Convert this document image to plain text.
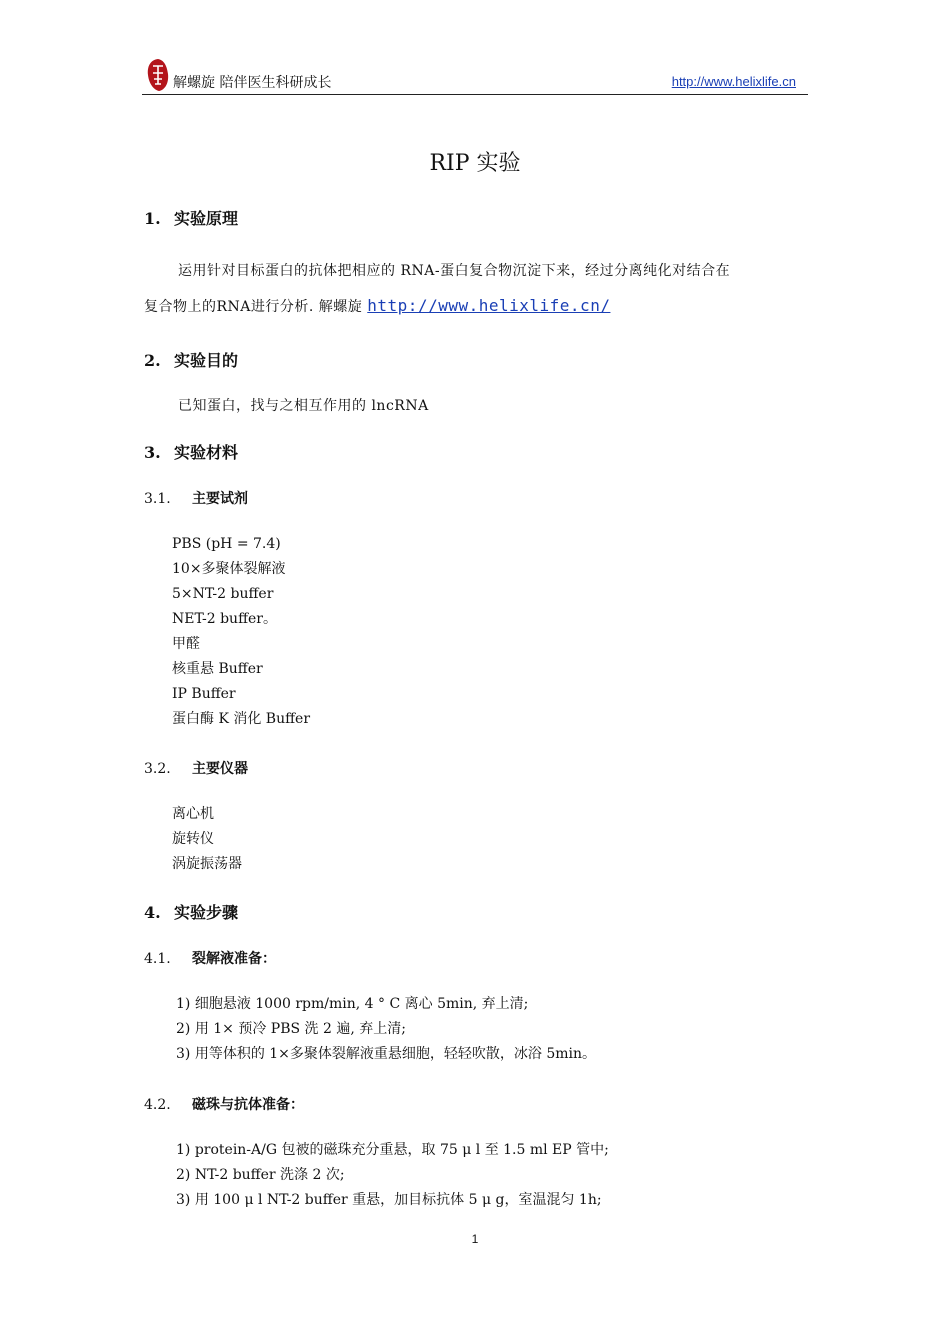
解螺旋 陪伴医生科研成长	http://www.helixlife.cn
RIP 实验
1. 实验原理
运用针对目标蛋白的抗体把相应的 RNA-蛋白复合物沉淀下来，经过分离纯化对结合在
复合物上的RNA进行分析. 解螺旋 http://www.helixlife.cn/
2. 实验目的
已知蛋白，找与之相互作用的 lncRNA
3. 实验材料
3.1. 主要试剂
PBS (pH = 7.4)
10×多聚体裂解液
5×NT-2 buffer
NET-2 buffer。
甲醛
核重悬 Buffer
IP Buffer
蛋白酶 K 消化 Buffer
3.2. 主要仪器
离心机
旋转仪
涡旋振荡器
4. 实验步骤
4.1. 裂解液准备：
1) 细胞悬液 1000 rpm/min, 4 ° C 离心 5min, 弃上清;
2) 用 1× 预冷 PBS 洗 2 遍, 弃上清;
3) 用等体积的 1×多聚体裂解液重悬细胞，轻轻吹散，冰浴 5min。
4.2. 磁珠与抗体准备：
1) protein-A/G 包被的磁珠充分重悬，取 75 μ l 至 1.5 ml EP 管中;
2) NT-2 buffer 洗涤 2 次;
3) 用 100 μ l NT-2 buffer 重悬，加目标抗体 5 μ g，室温混匀 1h;
1
